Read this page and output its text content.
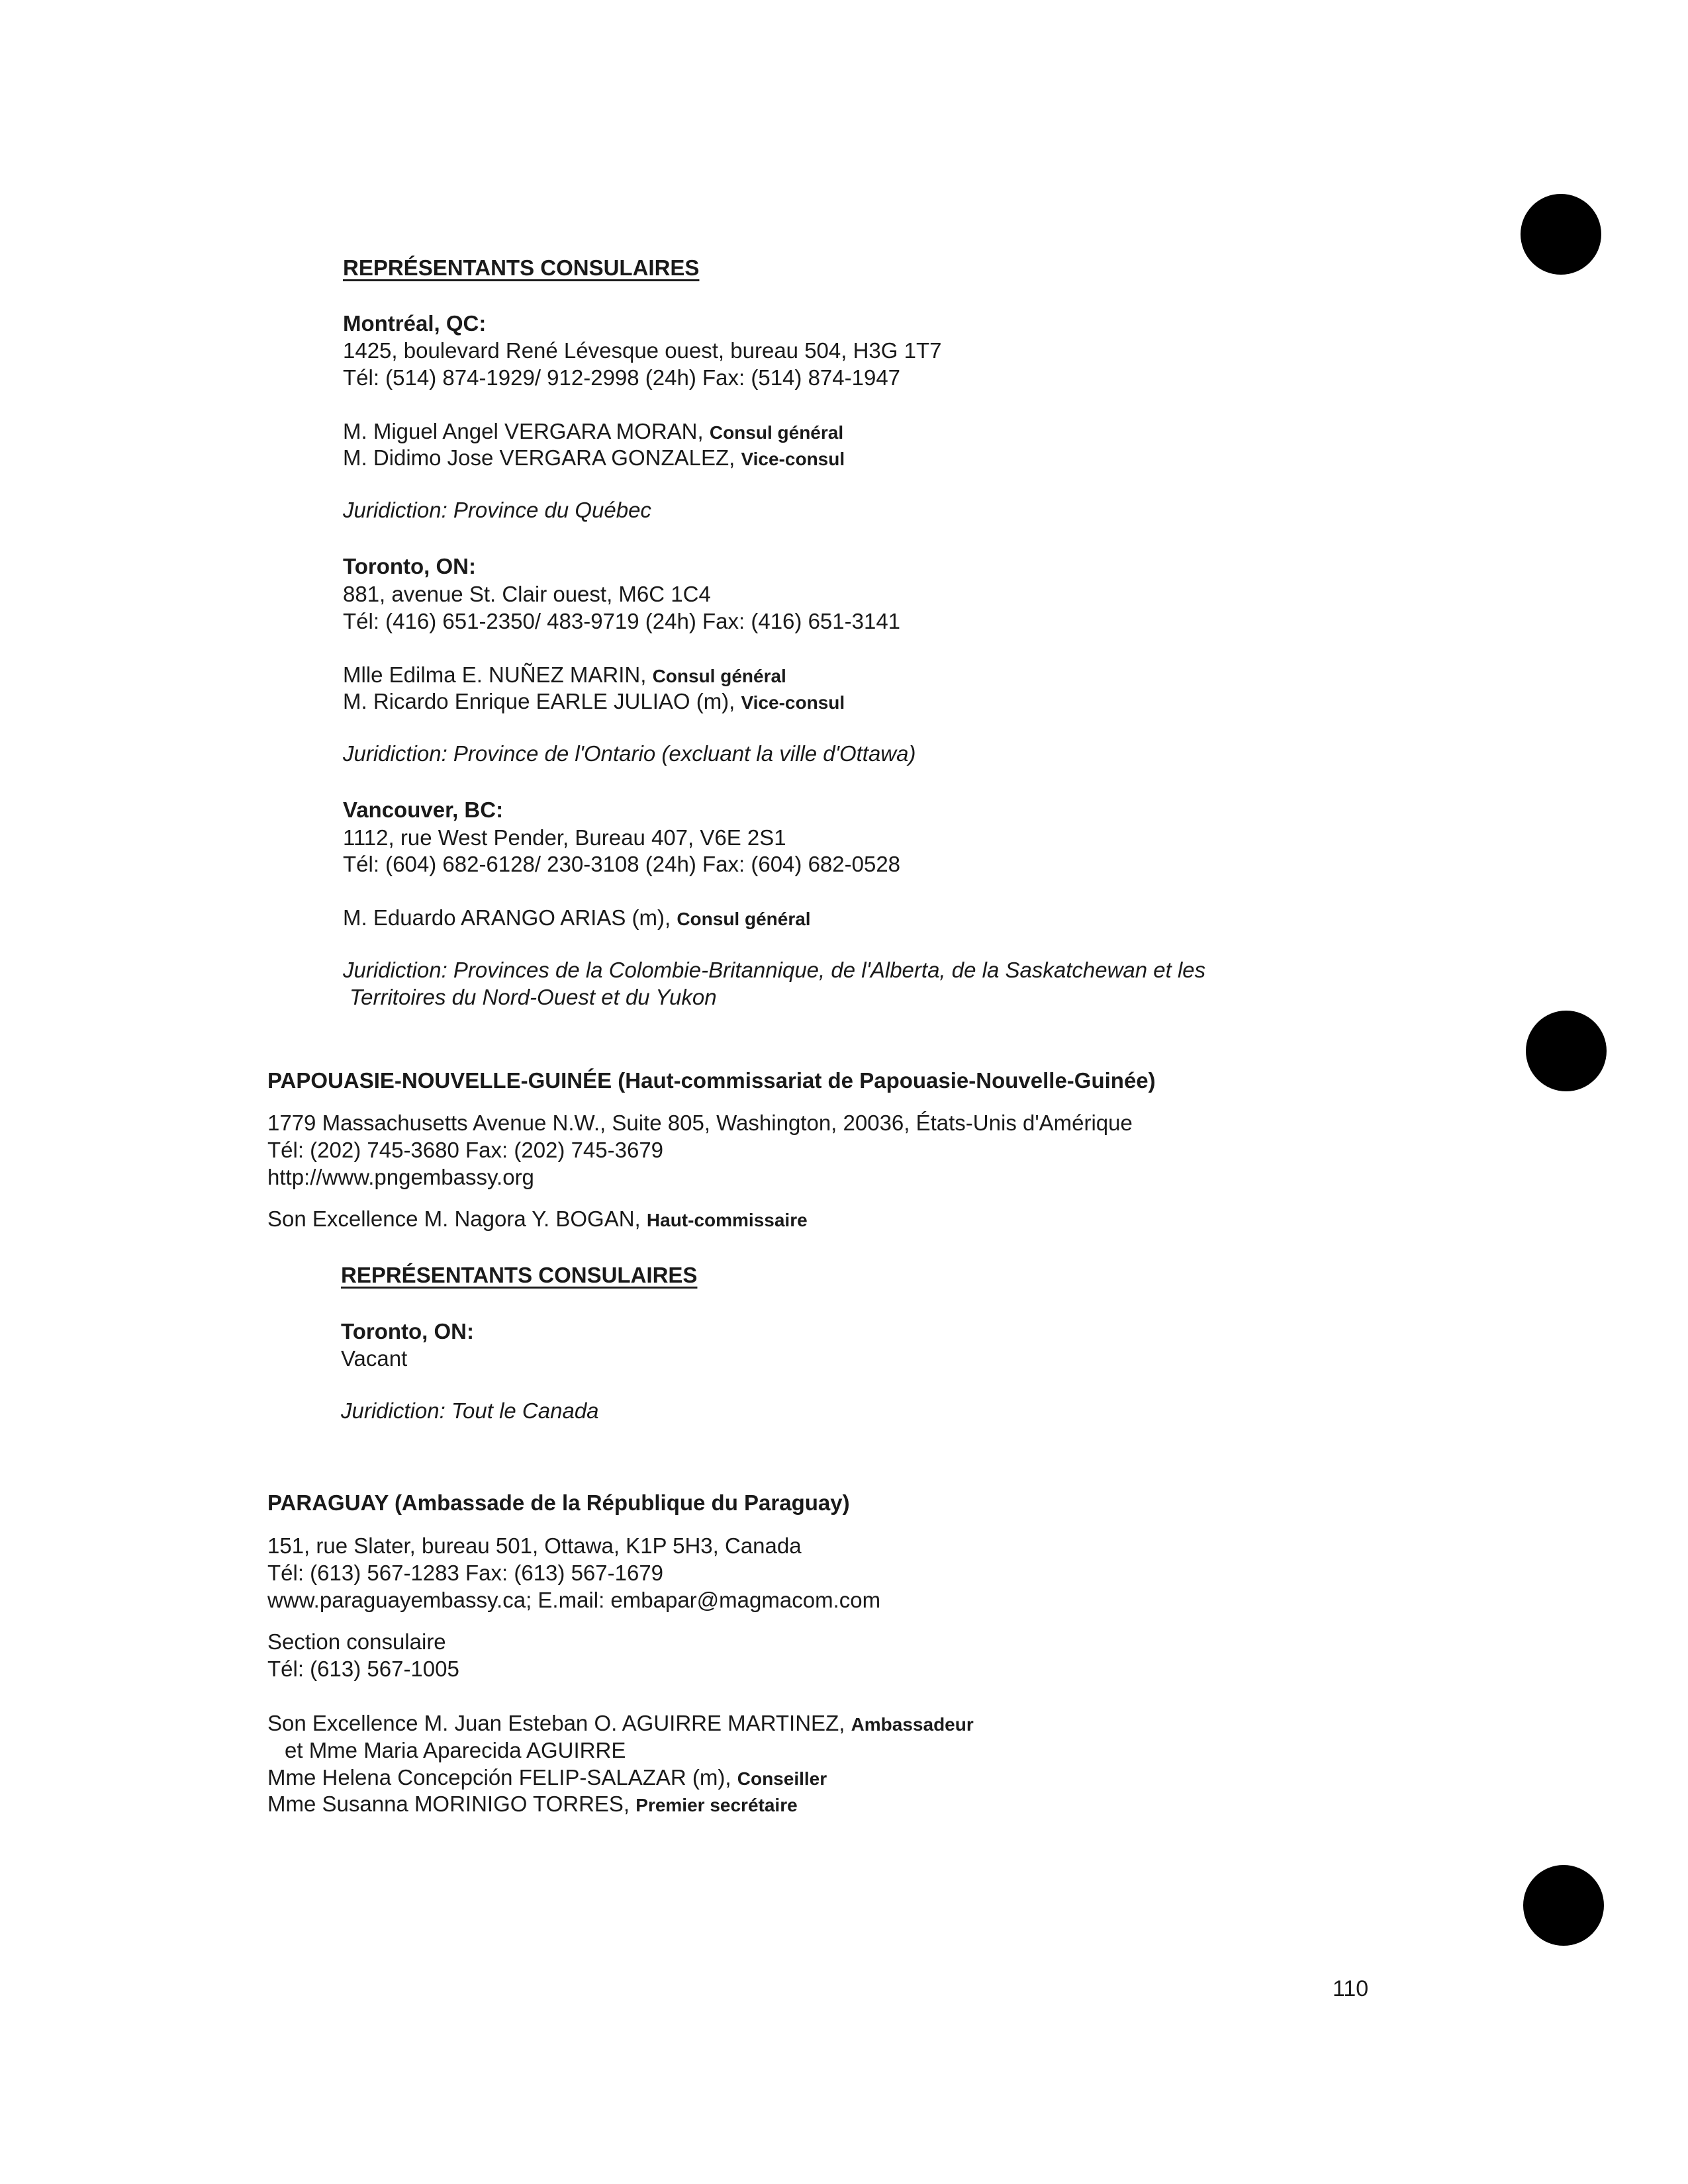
REPRÉSENTANTS CONSULAIRES
Montréal, QC:
1425, boulevard René Lévesque ouest, bureau 504, H3G 1T7
Tél: (514) 874-1929/ 912-2998 (24h) Fax: (514) 874-1947
M. Miguel Angel VERGARA MORAN, Consul général
M. Didimo Jose VERGARA GONZALEZ, Vice-consul
Juridiction: Province du Québec
Toronto, ON:
881, avenue St. Clair ouest, M6C 1C4
Tél: (416) 651-2350/ 483-9719 (24h) Fax: (416) 651-3141
Mlle Edilma E. NUÑEZ MARIN, Consul général
M. Ricardo Enrique EARLE JULIAO (m), Vice-consul
Juridiction: Province de l'Ontario (excluant la ville d'Ottawa)
Vancouver, BC:
1112, rue West Pender, Bureau 407, V6E 2S1
Tél: (604) 682-6128/ 230-3108 (24h) Fax: (604) 682-0528
M. Eduardo ARANGO ARIAS (m), Consul général
Juridiction: Provinces de la Colombie-Britannique, de l'Alberta, de la Saskatchewan et les
Territoires du Nord-Ouest et du Yukon
PAPOUASIE-NOUVELLE-GUINÉE (Haut-commissariat de Papouasie-Nouvelle-Guinée)
1779 Massachusetts Avenue N.W., Suite 805, Washington, 20036, États-Unis d'Amérique
Tél: (202) 745-3680 Fax: (202) 745-3679
http://www.pngembassy.org
Son Excellence M. Nagora Y. BOGAN, Haut-commissaire
REPRÉSENTANTS CONSULAIRES
Toronto, ON:
Vacant
Juridiction: Tout le Canada
PARAGUAY (Ambassade de la République du Paraguay)
151, rue Slater, bureau 501, Ottawa, K1P 5H3, Canada
Tél: (613) 567-1283 Fax: (613) 567-1679
www.paraguayembassy.ca; E.mail: embapar@magmacom.com
Section consulaire
Tél: (613) 567-1005
Son Excellence M. Juan Esteban O. AGUIRRE MARTINEZ, Ambassadeur
et Mme Maria Aparecida AGUIRRE
Mme Helena Concepción FELIP-SALAZAR (m), Conseiller
Mme Susanna MORINIGO TORRES, Premier secrétaire
110
